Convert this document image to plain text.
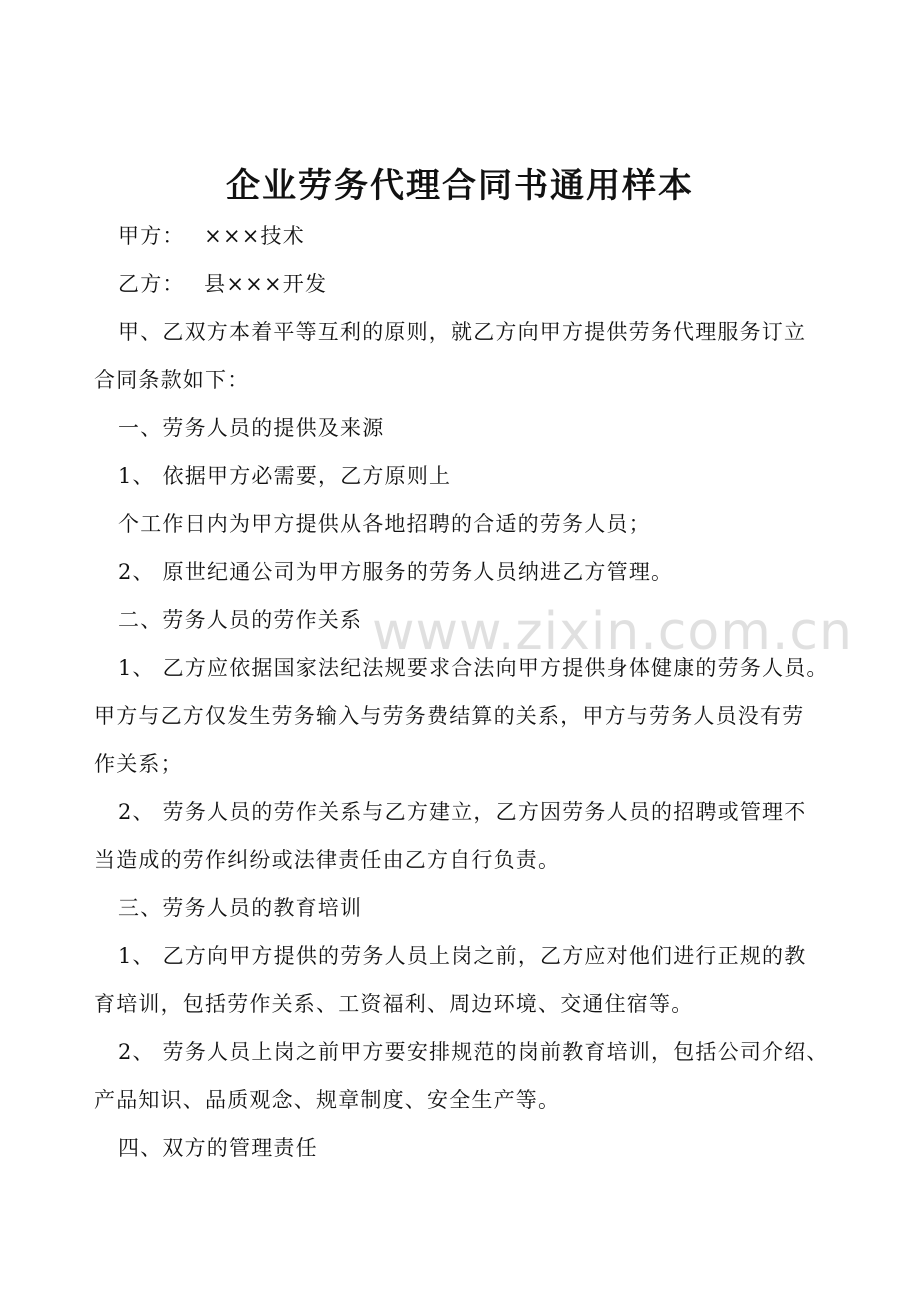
企业劳务代理合同书通用样本
甲方：　 ×××技术
乙方：　 县×××开发
甲、乙双方本着平等互利的原则，就乙方向甲方提供劳务代理服务订立
合同条款如下：
一、劳务人员的提供及来源
1、 依据甲方必需要，乙方原则上
个工作日内为甲方提供从各地招聘的合适的劳务人员；
2、 原世纪通公司为甲方服务的劳务人员纳进乙方管理。
二、劳务人员的劳作关系
1、 乙方应依据国家法纪法规要求合法向甲方提供身体健康的劳务人员。
甲方与乙方仅发生劳务输入与劳务费结算的关系，甲方与劳务人员没有劳
作关系；
2、 劳务人员的劳作关系与乙方建立，乙方因劳务人员的招聘或管理不
当造成的劳作纠纷或法律责任由乙方自行负责。
三、劳务人员的教育培训
1、 乙方向甲方提供的劳务人员上岗之前，乙方应对他们进行正规的教
育培训，包括劳作关系、工资福利、周边环境、交通住宿等。
2、 劳务人员上岗之前甲方要安排规范的岗前教育培训，包括公司介绍、
产品知识、品质观念、规章制度、安全生产等。
四、双方的管理责任
www.zixin.com.cn
